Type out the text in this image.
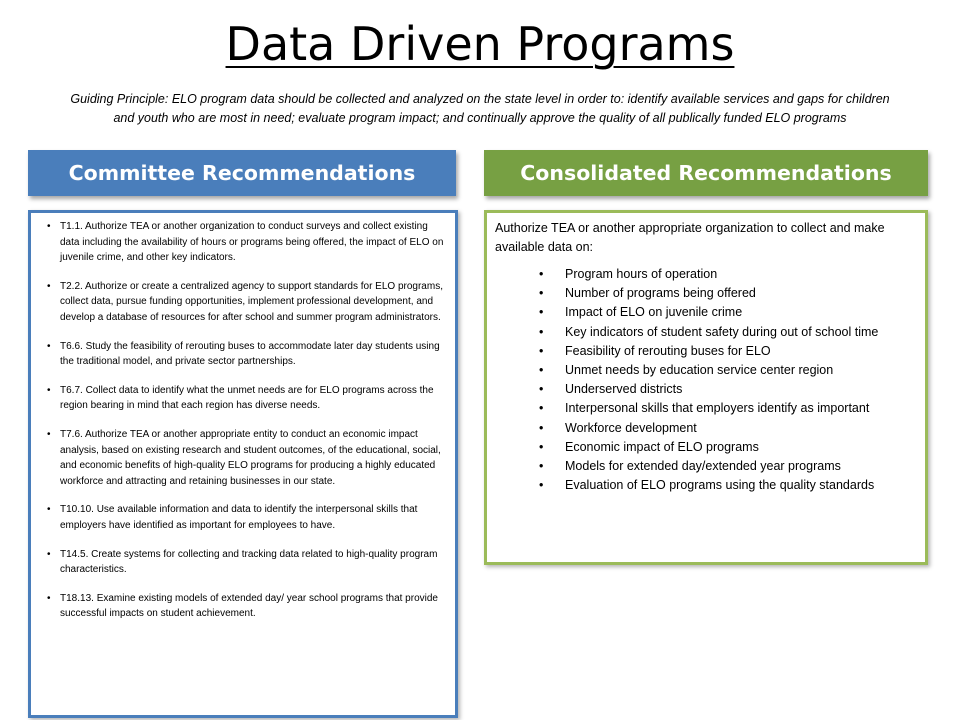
Data Driven Programs
Guiding Principle: ELO program data should be collected and analyzed on the state level in order to: identify available services and gaps for children and youth who are most in need; evaluate program impact; and continually approve the quality of all publically funded ELO programs
Committee Recommendations	Consolidated Recommendations
• T1.1. Authorize TEA or another organization to conduct surveys and collect existing data including the availability of hours or programs being offered, the impact of ELO on juvenile crime, and other key indicators.
• T2.2. Authorize or create a centralized agency to support standards for ELO programs, collect data, pursue funding opportunities, implement professional development, and develop a database of resources for after school and summer program administrators.
• T6.6. Study the feasibility of rerouting buses to accommodate later day students using the traditional model, and private sector partnerships.
• T6.7. Collect data to identify what the unmet needs are for ELO programs across the region bearing in mind that each region has diverse needs.
• T7.6. Authorize TEA or another appropriate entity to conduct an economic impact analysis, based on existing research and student outcomes, of the educational, social, and economic benefits of high-quality ELO programs for producing a highly educated workforce and attracting and retaining businesses in our state.
• T10.10. Use available information and data to identify the interpersonal skills that employers have identified as important for employees to have.
• T14.5. Create systems for collecting and tracking data related to high-quality program characteristics.
• T18.13. Examine existing models of extended day/ year school programs that provide successful impacts on student achievement.

Authorize TEA or another appropriate organization to collect and make available data on:

• Program hours of operation
• Number of programs being offered
• Impact of ELO on juvenile crime
• Key indicators of student safety during out of school time
• Feasibility of rerouting buses for ELO
• Unmet needs by education service center region
• Underserved districts
• Interpersonal skills that employers identify as important
• Workforce development
• Economic impact of ELO programs
• Models for extended day/extended year programs
• Evaluation of ELO programs using the quality standards
